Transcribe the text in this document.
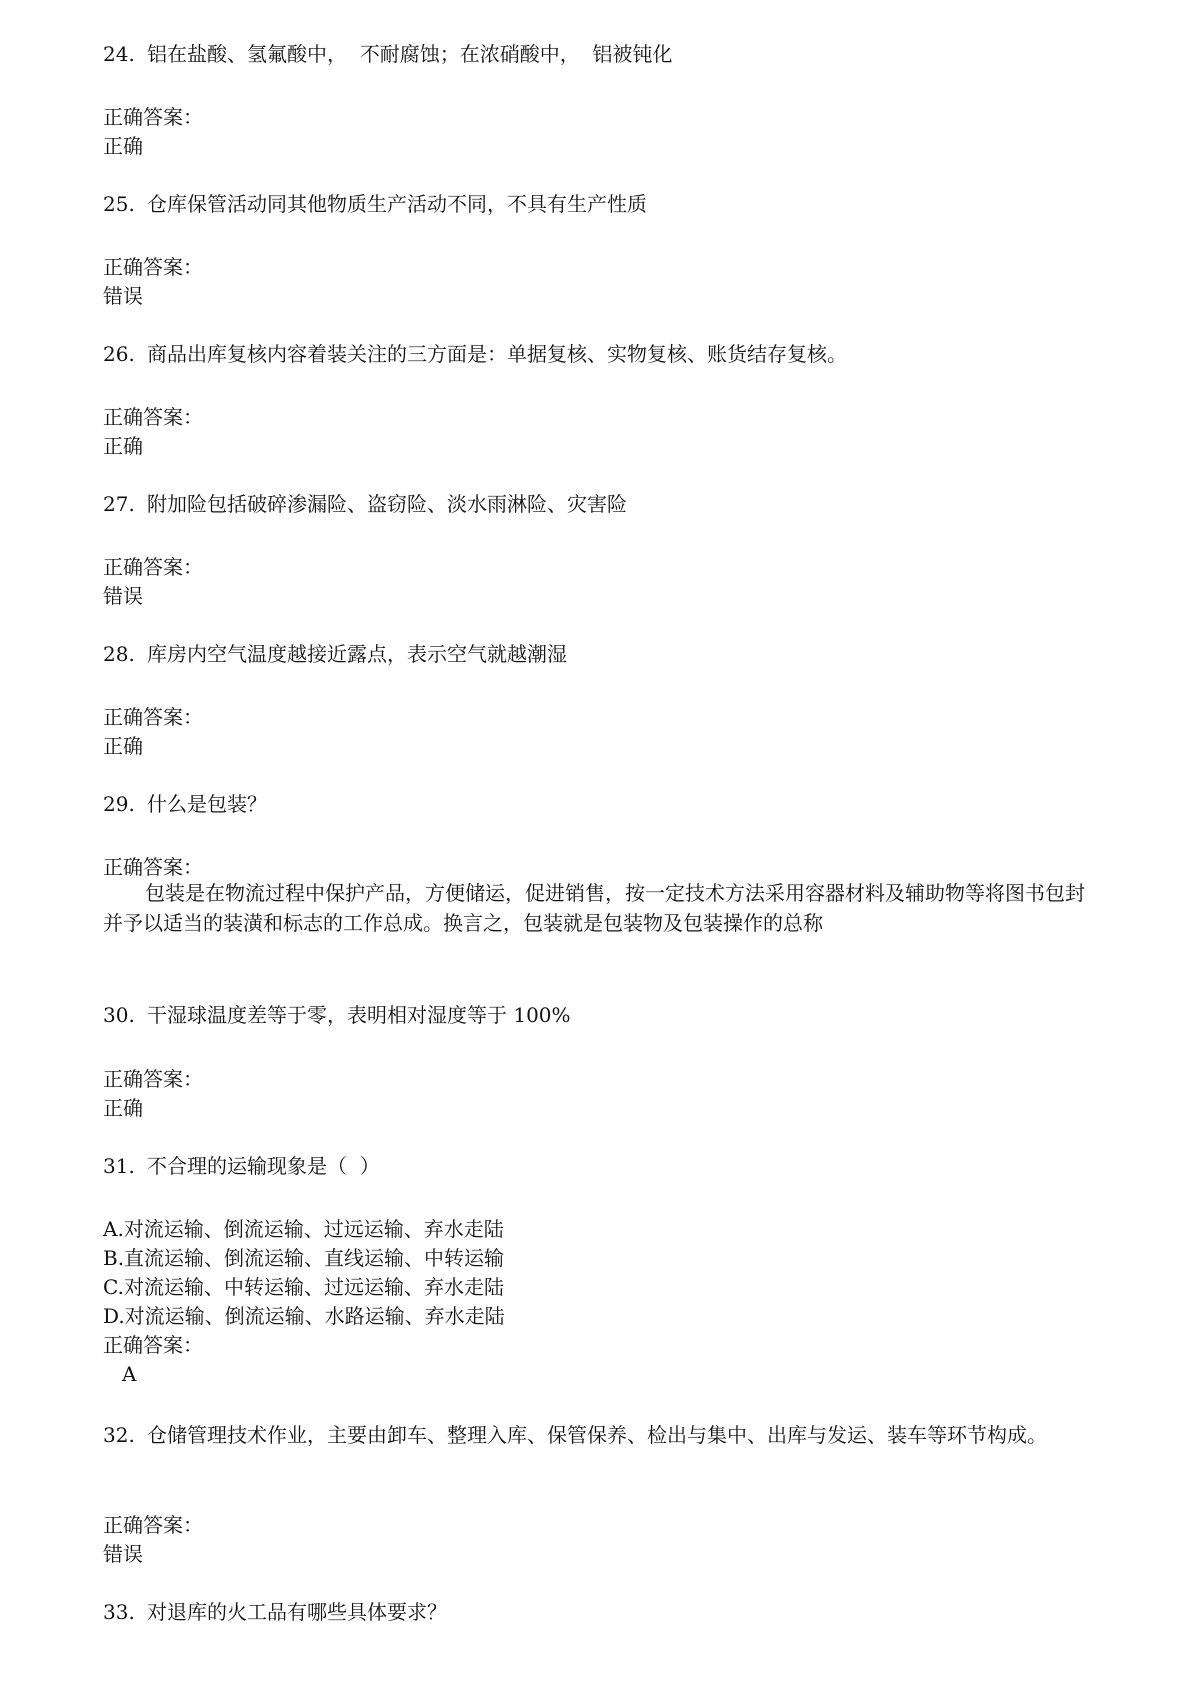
24. 铝在盐酸、氢氟酸中，  不耐腐蚀；在浓硝酸中，  铝被钝化
正确答案：
正确
25. 仓库保管活动同其他物质生产活动不同，不具有生产性质
正确答案：
错误
26. 商品出库复核内容着装关注的三方面是：单据复核、实物复核、账货结存复核。
正确答案：
正确
27. 附加险包括破碎渗漏险、盗窃险、淡水雨淋险、灾害险
正确答案：
错误
28. 库房内空气温度越接近露点，表示空气就越潮湿
正确答案：
正确
29. 什么是包装？
正确答案：
包装是在物流过程中保护产品，方便储运，促进销售，按一定技术方法采用容器材料及辅助物等将图书包封并予以适当的装潢和标志的工作总成。换言之，包装就是包装物及包装操作的总称
30. 干湿球温度差等于零，表明相对湿度等于 100%
正确答案：
正确
31. 不合理的运输现象是（  ）
A.对流运输、倒流运输、过远运输、弃水走陆
B.直流运输、倒流运输、直线运输、中转运输
C.对流运输、中转运输、过远运输、弃水走陆
D.对流运输、倒流运输、水路运输、弃水走陆
正确答案：
A
32. 仓储管理技术作业，主要由卸车、整理入库、保管保养、检出与集中、出库与发运、装车等环节构成。
正确答案：
错误
33. 对退库的火工品有哪些具体要求？
